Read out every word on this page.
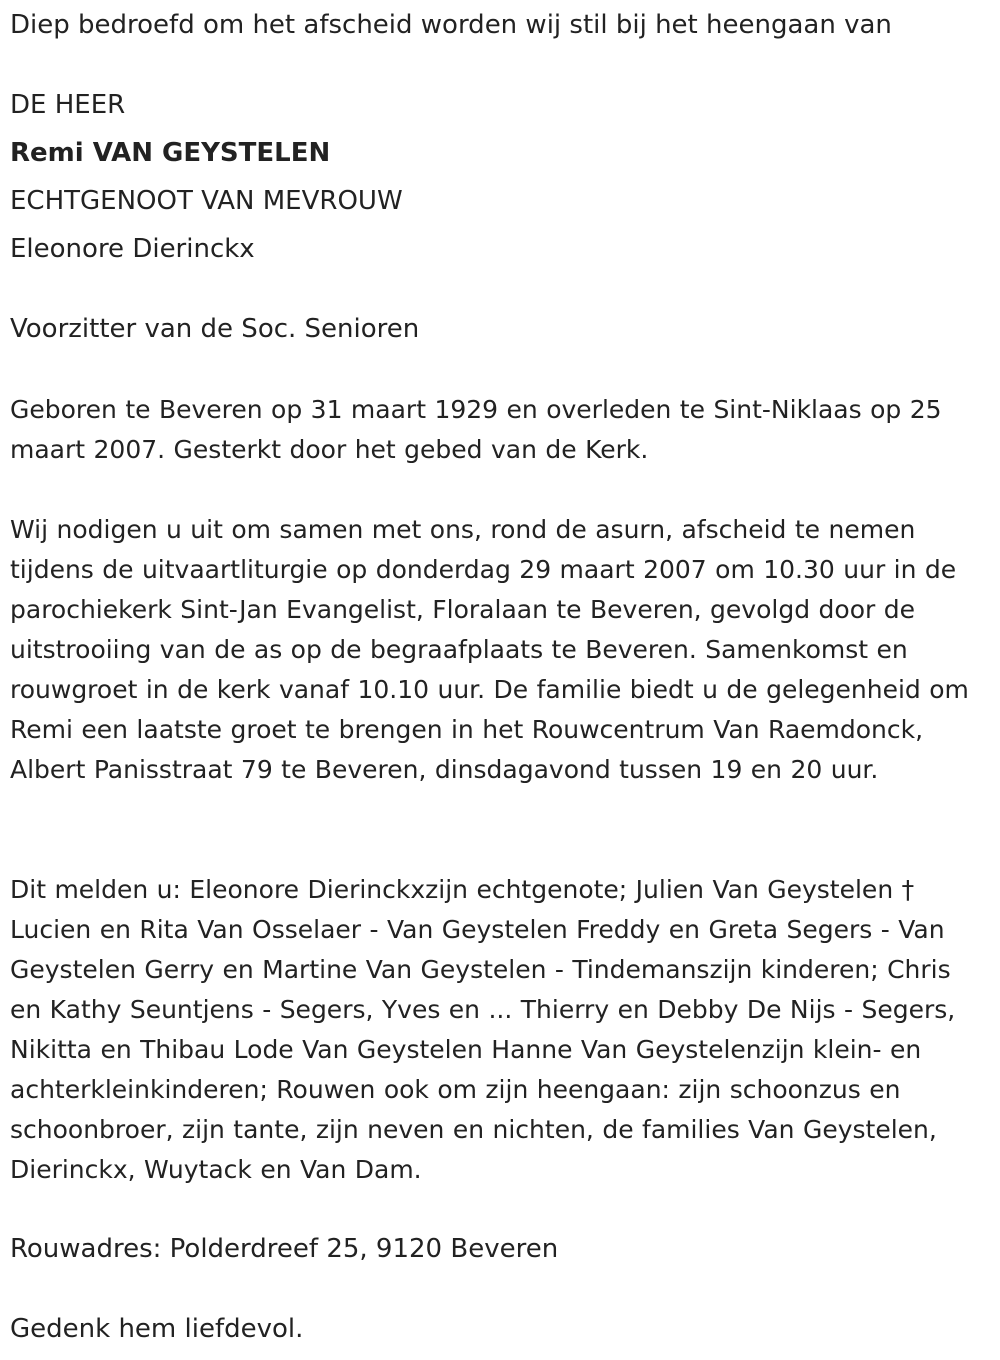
Diep bedroefd om het afscheid worden wij stil bij het heengaan van
DE HEER
Remi VAN GEYSTELEN
ECHTGENOOT VAN MEVROUW
Eleonore Dierinckx
Voorzitter van de Soc. Senioren
Geboren te Beveren op 31 maart 1929 en overleden te Sint-Niklaas op 25 maart 2007. Gesterkt door het gebed van de Kerk.
Wij nodigen u uit om samen met ons, rond de asurn, afscheid te nemen tijdens de uitvaartliturgie op donderdag 29 maart 2007 om 10.30 uur in de parochiekerk Sint-Jan Evangelist, Floralaan te Beveren, gevolgd door de uitstrooiing van de as op de begraafplaats te Beveren. Samenkomst en rouwgroet in de kerk vanaf 10.10 uur. De familie biedt u de gelegenheid om Remi een laatste groet te brengen in het Rouwcentrum Van Raemdonck, Albert Panisstraat 79 te Beveren, dinsdagavond tussen 19 en 20 uur.
Dit melden u: Eleonore Dierinckxzijn echtgenote; Julien Van Geystelen † Lucien en Rita Van Osselaer - Van Geystelen Freddy en Greta Segers - Van Geystelen Gerry en Martine Van Geystelen - Tindemanszijn kinderen; Chris en Kathy Seuntjens - Segers, Yves en ... Thierry en Debby De Nijs - Segers, Nikitta en Thibau Lode Van Geystelen Hanne Van Geystelenzijn klein- en achterkleinkinderen; Rouwen ook om zijn heengaan: zijn schoonzus en schoonbroer, zijn tante, zijn neven en nichten, de families Van Geystelen, Dierinckx, Wuytack en Van Dam.
Rouwadres: Polderdreef 25, 9120 Beveren
Gedenk hem liefdevol.
